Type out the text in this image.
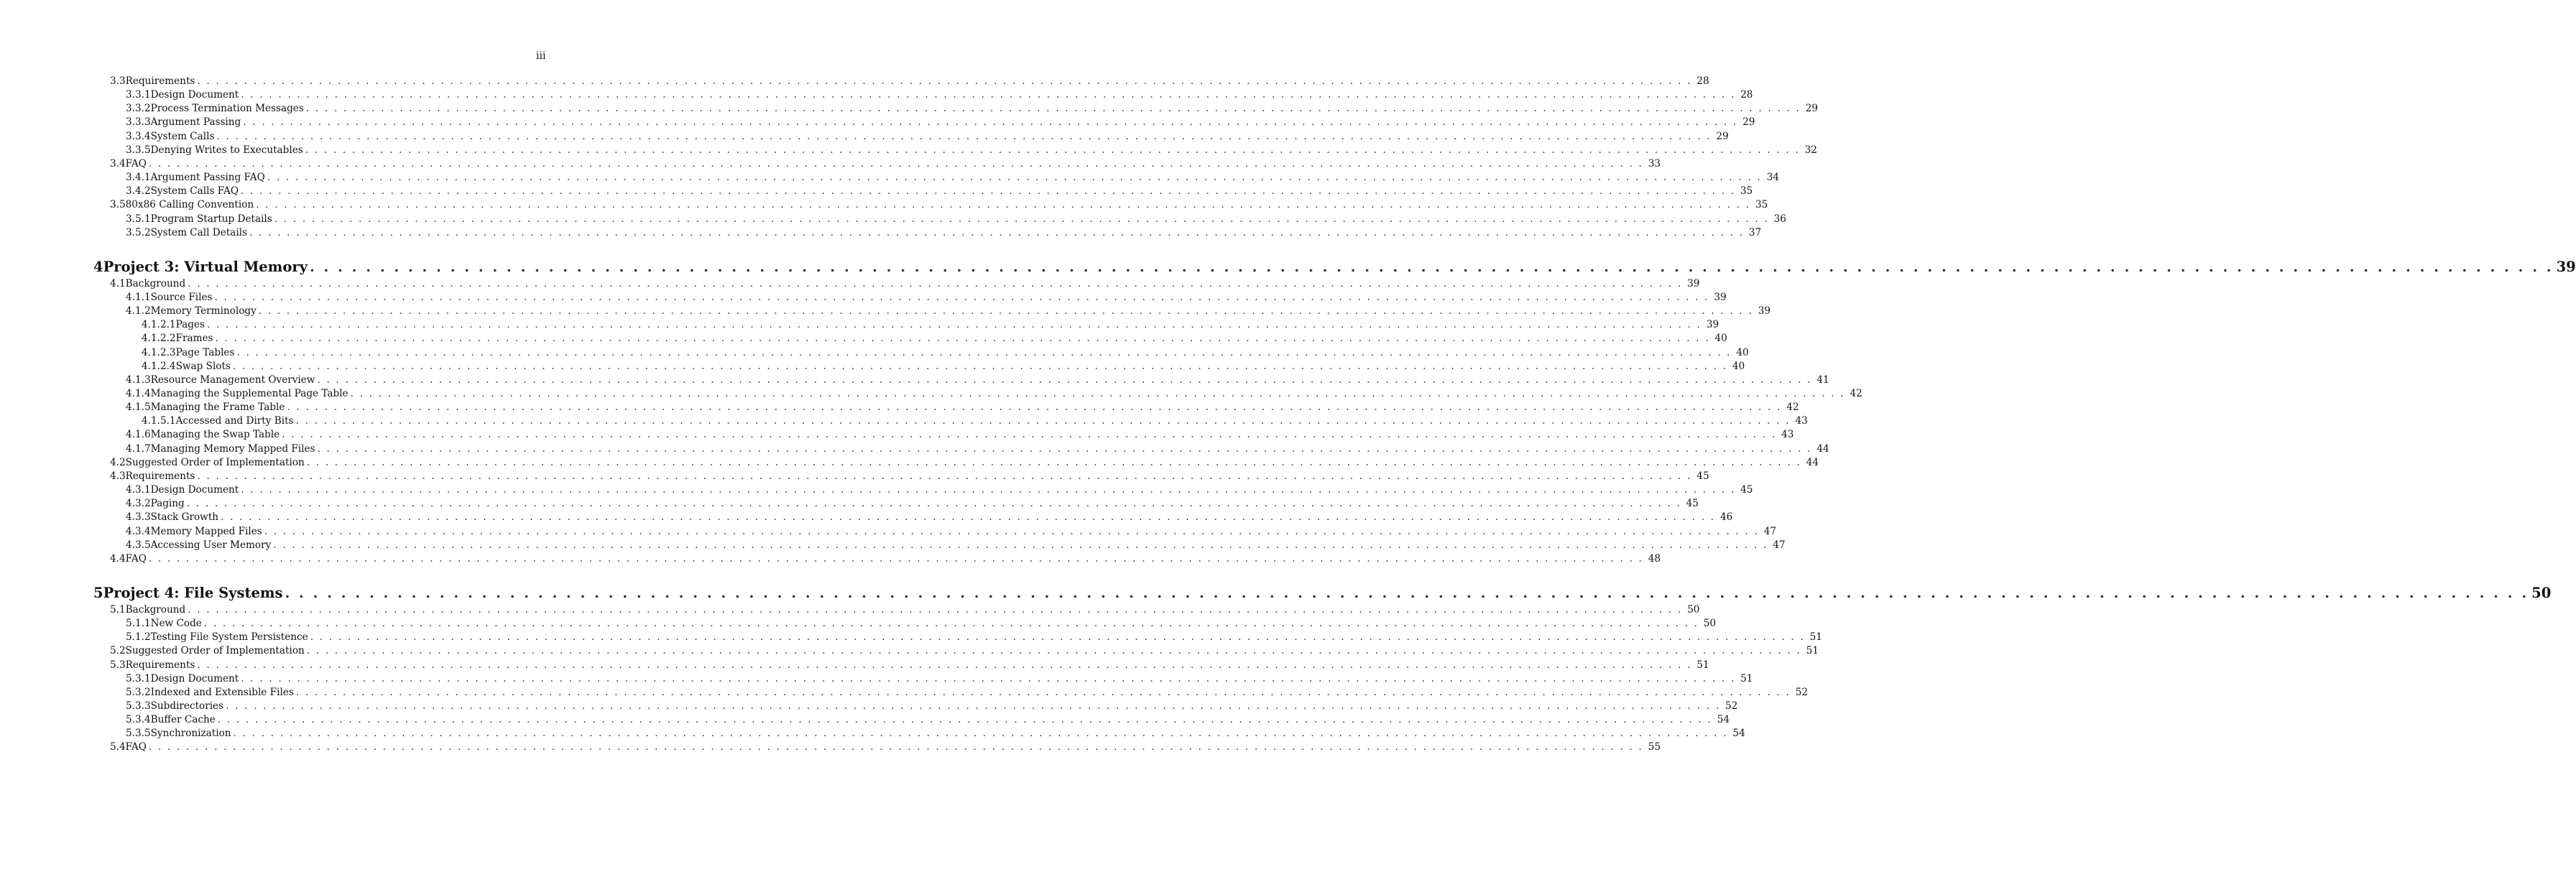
iii
3.3 Requirements . . . . . . . . . . . . . . . . . . . . . . . . . . . . . . . . . . . . . . . . . . . . . . . . . . . . . . . . . . . . . . . . . . . . . . . . . . . . . . . . . . . . . . . . . . . . . . . . . . . . . . . . . . . . . . . . . . . . . . . . . . . . . . . . . . . . . . . . . . . . . . . . . . . . . . . . . . . . . . . . 28
3.3.1 Design Document . . . . . . . . . . . . . . . . . . . . . . . . . . . . . . . . . . . . . . . . . . . . . . . . . . . . . . . . . . . . . . . . . . . . . . . . . . . . . . . . . . . . . . . . . . . . . . . . . . . . . . . . . . . . . . . . . . . . . . . . . . . . . . . . . . . . . . . . . . . . . . . . . . . . . . . . . . . . . . . . 28
3.3.2 Process Termination Messages . . . . . . . . . . . . . . . . . . . . . . . . . . . . . . . . . . . . . . . . . . . . . . . . . . . . . . . . . . . . . . . . . . . . . . . . . . . . . . . . . . . . . . . . . . . . . . . . . . . . . . . . . . . . . . . . . . . . . . . . . . . . . . . . . . . . . . . . . . . . . . . . . . . . . . . . . . . . . . . . 29
3.3.3 Argument Passing . . . . . . . . . . . . . . . . . . . . . . . . . . . . . . . . . . . . . . . . . . . . . . . . . . . . . . . . . . . . . . . . . . . . . . . . . . . . . . . . . . . . . . . . . . . . . . . . . . . . . . . . . . . . . . . . . . . . . . . . . . . . . . . . . . . . . . . . . . . . . . . . . . . . . . . . . . . . . . . . 29
3.3.4 System Calls . . . . . . . . . . . . . . . . . . . . . . . . . . . . . . . . . . . . . . . . . . . . . . . . . . . . . . . . . . . . . . . . . . . . . . . . . . . . . . . . . . . . . . . . . . . . . . . . . . . . . . . . . . . . . . . . . . . . . . . . . . . . . . . . . . . . . . . . . . . . . . . . . . . . . . . . . . . . . . . . 29
3.3.5 Denying Writes to Executables . . . . . . . . . . . . . . . . . . . . . . . . . . . . . . . . . . . . . . . . . . . . . . . . . . . . . . . . . . . . . . . . . . . . . . . . . . . . . . . . . . . . . . . . . . . . . . . . . . . . . . . . . . . . . . . . . . . . . . . . . . . . . . . . . . . . . . . . . . . . . . . . . . . . . . . . . . . . . . . . 32
3.4 FAQ . . . . . . . . . . . . . . . . . . . . . . . . . . . . . . . . . . . . . . . . . . . . . . . . . . . . . . . . . . . . . . . . . . . . . . . . . . . . . . . . . . . . . . . . . . . . . . . . . . . . . . . . . . . . . . . . . . . . . . . . . . . . . . . . . . . . . . . . . . . . . . . . . . . . . . . . . . . . . . . . 33
3.4.1 Argument Passing FAQ . . . . . . . . . . . . . . . . . . . . . . . . . . . . . . . . . . . . . . . . . . . . . . . . . . . . . . . . . . . . . . . . . . . . . . . . . . . . . . . . . . . . . . . . . . . . . . . . . . . . . . . . . . . . . . . . . . . . . . . . . . . . . . . . . . . . . . . . . . . . . . . . . . . . . . . . . . . . . . . . 34
3.4.2 System Calls FAQ . . . . . . . . . . . . . . . . . . . . . . . . . . . . . . . . . . . . . . . . . . . . . . . . . . . . . . . . . . . . . . . . . . . . . . . . . . . . . . . . . . . . . . . . . . . . . . . . . . . . . . . . . . . . . . . . . . . . . . . . . . . . . . . . . . . . . . . . . . . . . . . . . . . . . . . . . . . . . . . . 35
3.5 80x86 Calling Convention . . . . . . . . . . . . . . . . . . . . . . . . . . . . . . . . . . . . . . . . . . . . . . . . . . . . . . . . . . . . . . . . . . . . . . . . . . . . . . . . . . . . . . . . . . . . . . . . . . . . . . . . . . . . . . . . . . . . . . . . . . . . . . . . . . . . . . . . . . . . . . . . . . . . . . . . . . . . . . . . 35
3.5.1 Program Startup Details . . . . . . . . . . . . . . . . . . . . . . . . . . . . . . . . . . . . . . . . . . . . . . . . . . . . . . . . . . . . . . . . . . . . . . . . . . . . . . . . . . . . . . . . . . . . . . . . . . . . . . . . . . . . . . . . . . . . . . . . . . . . . . . . . . . . . . . . . . . . . . . . . . . . . . . . . . . . . . . . 36
3.5.2 System Call Details . . . . . . . . . . . . . . . . . . . . . . . . . . . . . . . . . . . . . . . . . . . . . . . . . . . . . . . . . . . . . . . . . . . . . . . . . . . . . . . . . . . . . . . . . . . . . . . . . . . . . . . . . . . . . . . . . . . . . . . . . . . . . . . . . . . . . . . . . . . . . . . . . . . . . . . . . . . . . . . . 37
4 Project 3: Virtual Memory . . . . . . . . . . . . . . . . . . . . . . . . . . . . . . . . . . . . . . . . . . . . . . . . . . . . . . . . . . . . . . . . . . . . . . . . . . . . . . . . . . . . . . . . . . . . . . . . . . . . . . . . . . . . . . . . . . . . . . . . . . . . . . . . . . . . . . . . . . . . . . . . . . . . . . . . . . . . . . . . 39
4.1 Background . . . . . . . . . . . . . . . . . . . . . . . . . . . . . . . . . . . . . . . . . . . . . . . . . . . . . . . . . . . . . . . . . . . . . . . . . . . . . . . . . . . . . . . . . . . . . . . . . . . . . . . . . . . . . . . . . . . . . . . . . . . . . . . . . . . . . . . . . . . . . . . . . . . . . . . . . . . . . . . . 39
4.1.1 Source Files . . . . . . . . . . . . . . . . . . . . . . . . . . . . . . . . . . . . . . . . . . . . . . . . . . . . . . . . . . . . . . . . . . . . . . . . . . . . . . . . . . . . . . . . . . . . . . . . . . . . . . . . . . . . . . . . . . . . . . . . . . . . . . . . . . . . . . . . . . . . . . . . . . . . . . . . . . . . . . . . 39
4.1.2 Memory Terminology . . . . . . . . . . . . . . . . . . . . . . . . . . . . . . . . . . . . . . . . . . . . . . . . . . . . . . . . . . . . . . . . . . . . . . . . . . . . . . . . . . . . . . . . . . . . . . . . . . . . . . . . . . . . . . . . . . . . . . . . . . . . . . . . . . . . . . . . . . . . . . . . . . . . . . . . . . . . . . . . 39
4.1.2.1 Pages . . . . . . . . . . . . . . . . . . . . . . . . . . . . . . . . . . . . . . . . . . . . . . . . . . . . . . . . . . . . . . . . . . . . . . . . . . . . . . . . . . . . . . . . . . . . . . . . . . . . . . . . . . . . . . . . . . . . . . . . . . . . . . . . . . . . . . . . . . . . . . . . . . . . . . . . . . . . . . . . 39
4.1.2.2 Frames . . . . . . . . . . . . . . . . . . . . . . . . . . . . . . . . . . . . . . . . . . . . . . . . . . . . . . . . . . . . . . . . . . . . . . . . . . . . . . . . . . . . . . . . . . . . . . . . . . . . . . . . . . . . . . . . . . . . . . . . . . . . . . . . . . . . . . . . . . . . . . . . . . . . . . . . . . . . . . . . 40
4.1.2.3 Page Tables . . . . . . . . . . . . . . . . . . . . . . . . . . . . . . . . . . . . . . . . . . . . . . . . . . . . . . . . . . . . . . . . . . . . . . . . . . . . . . . . . . . . . . . . . . . . . . . . . . . . . . . . . . . . . . . . . . . . . . . . . . . . . . . . . . . . . . . . . . . . . . . . . . . . . . . . . . . . . . . . 40
4.1.2.4 Swap Slots . . . . . . . . . . . . . . . . . . . . . . . . . . . . . . . . . . . . . . . . . . . . . . . . . . . . . . . . . . . . . . . . . . . . . . . . . . . . . . . . . . . . . . . . . . . . . . . . . . . . . . . . . . . . . . . . . . . . . . . . . . . . . . . . . . . . . . . . . . . . . . . . . . . . . . . . . . . . . . . . 40
4.1.3 Resource Management Overview . . . . . . . . . . . . . . . . . . . . . . . . . . . . . . . . . . . . . . . . . . . . . . . . . . . . . . . . . . . . . . . . . . . . . . . . . . . . . . . . . . . . . . . . . . . . . . . . . . . . . . . . . . . . . . . . . . . . . . . . . . . . . . . . . . . . . . . . . . . . . . . . . . . . . . . . . . . . . . . . 41
4.1.4 Managing the Supplemental Page Table . . . . . . . . . . . . . . . . . . . . . . . . . . . . . . . . . . . . . . . . . . . . . . . . . . . . . . . . . . . . . . . . . . . . . . . . . . . . . . . . . . . . . . . . . . . . . . . . . . . . . . . . . . . . . . . . . . . . . . . . . . . . . . . . . . . . . . . . . . . . . . . . . . . . . . . . . . . . . . . . 42
4.1.5 Managing the Frame Table . . . . . . . . . . . . . . . . . . . . . . . . . . . . . . . . . . . . . . . . . . . . . . . . . . . . . . . . . . . . . . . . . . . . . . . . . . . . . . . . . . . . . . . . . . . . . . . . . . . . . . . . . . . . . . . . . . . . . . . . . . . . . . . . . . . . . . . . . . . . . . . . . . . . . . . . . . . . . . . . 42
4.1.5.1 Accessed and Dirty Bits . . . . . . . . . . . . . . . . . . . . . . . . . . . . . . . . . . . . . . . . . . . . . . . . . . . . . . . . . . . . . . . . . . . . . . . . . . . . . . . . . . . . . . . . . . . . . . . . . . . . . . . . . . . . . . . . . . . . . . . . . . . . . . . . . . . . . . . . . . . . . . . . . . . . . . . . . . . . . . . . 43
4.1.6 Managing the Swap Table . . . . . . . . . . . . . . . . . . . . . . . . . . . . . . . . . . . . . . . . . . . . . . . . . . . . . . . . . . . . . . . . . . . . . . . . . . . . . . . . . . . . . . . . . . . . . . . . . . . . . . . . . . . . . . . . . . . . . . . . . . . . . . . . . . . . . . . . . . . . . . . . . . . . . . . . . . . . . . . . 43
4.1.7 Managing Memory Mapped Files . . . . . . . . . . . . . . . . . . . . . . . . . . . . . . . . . . . . . . . . . . . . . . . . . . . . . . . . . . . . . . . . . . . . . . . . . . . . . . . . . . . . . . . . . . . . . . . . . . . . . . . . . . . . . . . . . . . . . . . . . . . . . . . . . . . . . . . . . . . . . . . . . . . . . . . . . . . . . . . . 44
4.2 Suggested Order of Implementation . . . . . . . . . . . . . . . . . . . . . . . . . . . . . . . . . . . . . . . . . . . . . . . . . . . . . . . . . . . . . . . . . . . . . . . . . . . . . . . . . . . . . . . . . . . . . . . . . . . . . . . . . . . . . . . . . . . . . . . . . . . . . . . . . . . . . . . . . . . . . . . . . . . . . . . . . . . . . . . . 44
4.3 Requirements . . . . . . . . . . . . . . . . . . . . . . . . . . . . . . . . . . . . . . . . . . . . . . . . . . . . . . . . . . . . . . . . . . . . . . . . . . . . . . . . . . . . . . . . . . . . . . . . . . . . . . . . . . . . . . . . . . . . . . . . . . . . . . . . . . . . . . . . . . . . . . . . . . . . . . . . . . . . . . . . 45
4.3.1 Design Document . . . . . . . . . . . . . . . . . . . . . . . . . . . . . . . . . . . . . . . . . . . . . . . . . . . . . . . . . . . . . . . . . . . . . . . . . . . . . . . . . . . . . . . . . . . . . . . . . . . . . . . . . . . . . . . . . . . . . . . . . . . . . . . . . . . . . . . . . . . . . . . . . . . . . . . . . . . . . . . . 45
4.3.2 Paging . . . . . . . . . . . . . . . . . . . . . . . . . . . . . . . . . . . . . . . . . . . . . . . . . . . . . . . . . . . . . . . . . . . . . . . . . . . . . . . . . . . . . . . . . . . . . . . . . . . . . . . . . . . . . . . . . . . . . . . . . . . . . . . . . . . . . . . . . . . . . . . . . . . . . . . . . . . . . . . . 45
4.3.3 Stack Growth . . . . . . . . . . . . . . . . . . . . . . . . . . . . . . . . . . . . . . . . . . . . . . . . . . . . . . . . . . . . . . . . . . . . . . . . . . . . . . . . . . . . . . . . . . . . . . . . . . . . . . . . . . . . . . . . . . . . . . . . . . . . . . . . . . . . . . . . . . . . . . . . . . . . . . . . . . . . . . . . 46
4.3.4 Memory Mapped Files . . . . . . . . . . . . . . . . . . . . . . . . . . . . . . . . . . . . . . . . . . . . . . . . . . . . . . . . . . . . . . . . . . . . . . . . . . . . . . . . . . . . . . . . . . . . . . . . . . . . . . . . . . . . . . . . . . . . . . . . . . . . . . . . . . . . . . . . . . . . . . . . . . . . . . . . . . . . . . . . 47
4.3.5 Accessing User Memory . . . . . . . . . . . . . . . . . . . . . . . . . . . . . . . . . . . . . . . . . . . . . . . . . . . . . . . . . . . . . . . . . . . . . . . . . . . . . . . . . . . . . . . . . . . . . . . . . . . . . . . . . . . . . . . . . . . . . . . . . . . . . . . . . . . . . . . . . . . . . . . . . . . . . . . . . . . . . . . . 47
4.4 FAQ . . . . . . . . . . . . . . . . . . . . . . . . . . . . . . . . . . . . . . . . . . . . . . . . . . . . . . . . . . . . . . . . . . . . . . . . . . . . . . . . . . . . . . . . . . . . . . . . . . . . . . . . . . . . . . . . . . . . . . . . . . . . . . . . . . . . . . . . . . . . . . . . . . . . . . . . . . . . . . . . 48
5 Project 4: File Systems . . . . . . . . . . . . . . . . . . . . . . . . . . . . . . . . . . . . . . . . . . . . . . . . . . . . . . . . . . . . . . . . . . . . . . . . . . . . . . . . . . . . . . . . . . . . . . . . . . . . . . . . . . . . . . . . . . . . . . . . . . . . . . . . . . . . . . . . . . . . . . . . . . . . . . . . . . . . . . . . 50
5.1 Background . . . . . . . . . . . . . . . . . . . . . . . . . . . . . . . . . . . . . . . . . . . . . . . . . . . . . . . . . . . . . . . . . . . . . . . . . . . . . . . . . . . . . . . . . . . . . . . . . . . . . . . . . . . . . . . . . . . . . . . . . . . . . . . . . . . . . . . . . . . . . . . . . . . . . . . . . . . . . . . . 50
5.1.1 New Code . . . . . . . . . . . . . . . . . . . . . . . . . . . . . . . . . . . . . . . . . . . . . . . . . . . . . . . . . . . . . . . . . . . . . . . . . . . . . . . . . . . . . . . . . . . . . . . . . . . . . . . . . . . . . . . . . . . . . . . . . . . . . . . . . . . . . . . . . . . . . . . . . . . . . . . . . . . . . . . . 50
5.1.2 Testing File System Persistence . . . . . . . . . . . . . . . . . . . . . . . . . . . . . . . . . . . . . . . . . . . . . . . . . . . . . . . . . . . . . . . . . . . . . . . . . . . . . . . . . . . . . . . . . . . . . . . . . . . . . . . . . . . . . . . . . . . . . . . . . . . . . . . . . . . . . . . . . . . . . . . . . . . . . . . . . . . . . . . . 51
5.2 Suggested Order of Implementation . . . . . . . . . . . . . . . . . . . . . . . . . . . . . . . . . . . . . . . . . . . . . . . . . . . . . . . . . . . . . . . . . . . . . . . . . . . . . . . . . . . . . . . . . . . . . . . . . . . . . . . . . . . . . . . . . . . . . . . . . . . . . . . . . . . . . . . . . . . . . . . . . . . . . . . . . . . . . . . . 51
5.3 Requirements . . . . . . . . . . . . . . . . . . . . . . . . . . . . . . . . . . . . . . . . . . . . . . . . . . . . . . . . . . . . . . . . . . . . . . . . . . . . . . . . . . . . . . . . . . . . . . . . . . . . . . . . . . . . . . . . . . . . . . . . . . . . . . . . . . . . . . . . . . . . . . . . . . . . . . . . . . . . . . . . 51
5.3.1 Design Document . . . . . . . . . . . . . . . . . . . . . . . . . . . . . . . . . . . . . . . . . . . . . . . . . . . . . . . . . . . . . . . . . . . . . . . . . . . . . . . . . . . . . . . . . . . . . . . . . . . . . . . . . . . . . . . . . . . . . . . . . . . . . . . . . . . . . . . . . . . . . . . . . . . . . . . . . . . . . . . . 51
5.3.2 Indexed and Extensible Files . . . . . . . . . . . . . . . . . . . . . . . . . . . . . . . . . . . . . . . . . . . . . . . . . . . . . . . . . . . . . . . . . . . . . . . . . . . . . . . . . . . . . . . . . . . . . . . . . . . . . . . . . . . . . . . . . . . . . . . . . . . . . . . . . . . . . . . . . . . . . . . . . . . . . . . . . . . . . . . . 52
5.3.3 Subdirectories . . . . . . . . . . . . . . . . . . . . . . . . . . . . . . . . . . . . . . . . . . . . . . . . . . . . . . . . . . . . . . . . . . . . . . . . . . . . . . . . . . . . . . . . . . . . . . . . . . . . . . . . . . . . . . . . . . . . . . . . . . . . . . . . . . . . . . . . . . . . . . . . . . . . . . . . . . . . . . . . 52
5.3.4 Buffer Cache . . . . . . . . . . . . . . . . . . . . . . . . . . . . . . . . . . . . . . . . . . . . . . . . . . . . . . . . . . . . . . . . . . . . . . . . . . . . . . . . . . . . . . . . . . . . . . . . . . . . . . . . . . . . . . . . . . . . . . . . . . . . . . . . . . . . . . . . . . . . . . . . . . . . . . . . . . . . . . . . 54
5.3.5 Synchronization . . . . . . . . . . . . . . . . . . . . . . . . . . . . . . . . . . . . . . . . . . . . . . . . . . . . . . . . . . . . . . . . . . . . . . . . . . . . . . . . . . . . . . . . . . . . . . . . . . . . . . . . . . . . . . . . . . . . . . . . . . . . . . . . . . . . . . . . . . . . . . . . . . . . . . . . . . . . . . . . 54
5.4 FAQ . . . . . . . . . . . . . . . . . . . . . . . . . . . . . . . . . . . . . . . . . . . . . . . . . . . . . . . . . . . . . . . . . . . . . . . . . . . . . . . . . . . . . . . . . . . . . . . . . . . . . . . . . . . . . . . . . . . . . . . . . . . . . . . . . . . . . . . . . . . . . . . . . . . . . . . . . . . . . . . . 55
